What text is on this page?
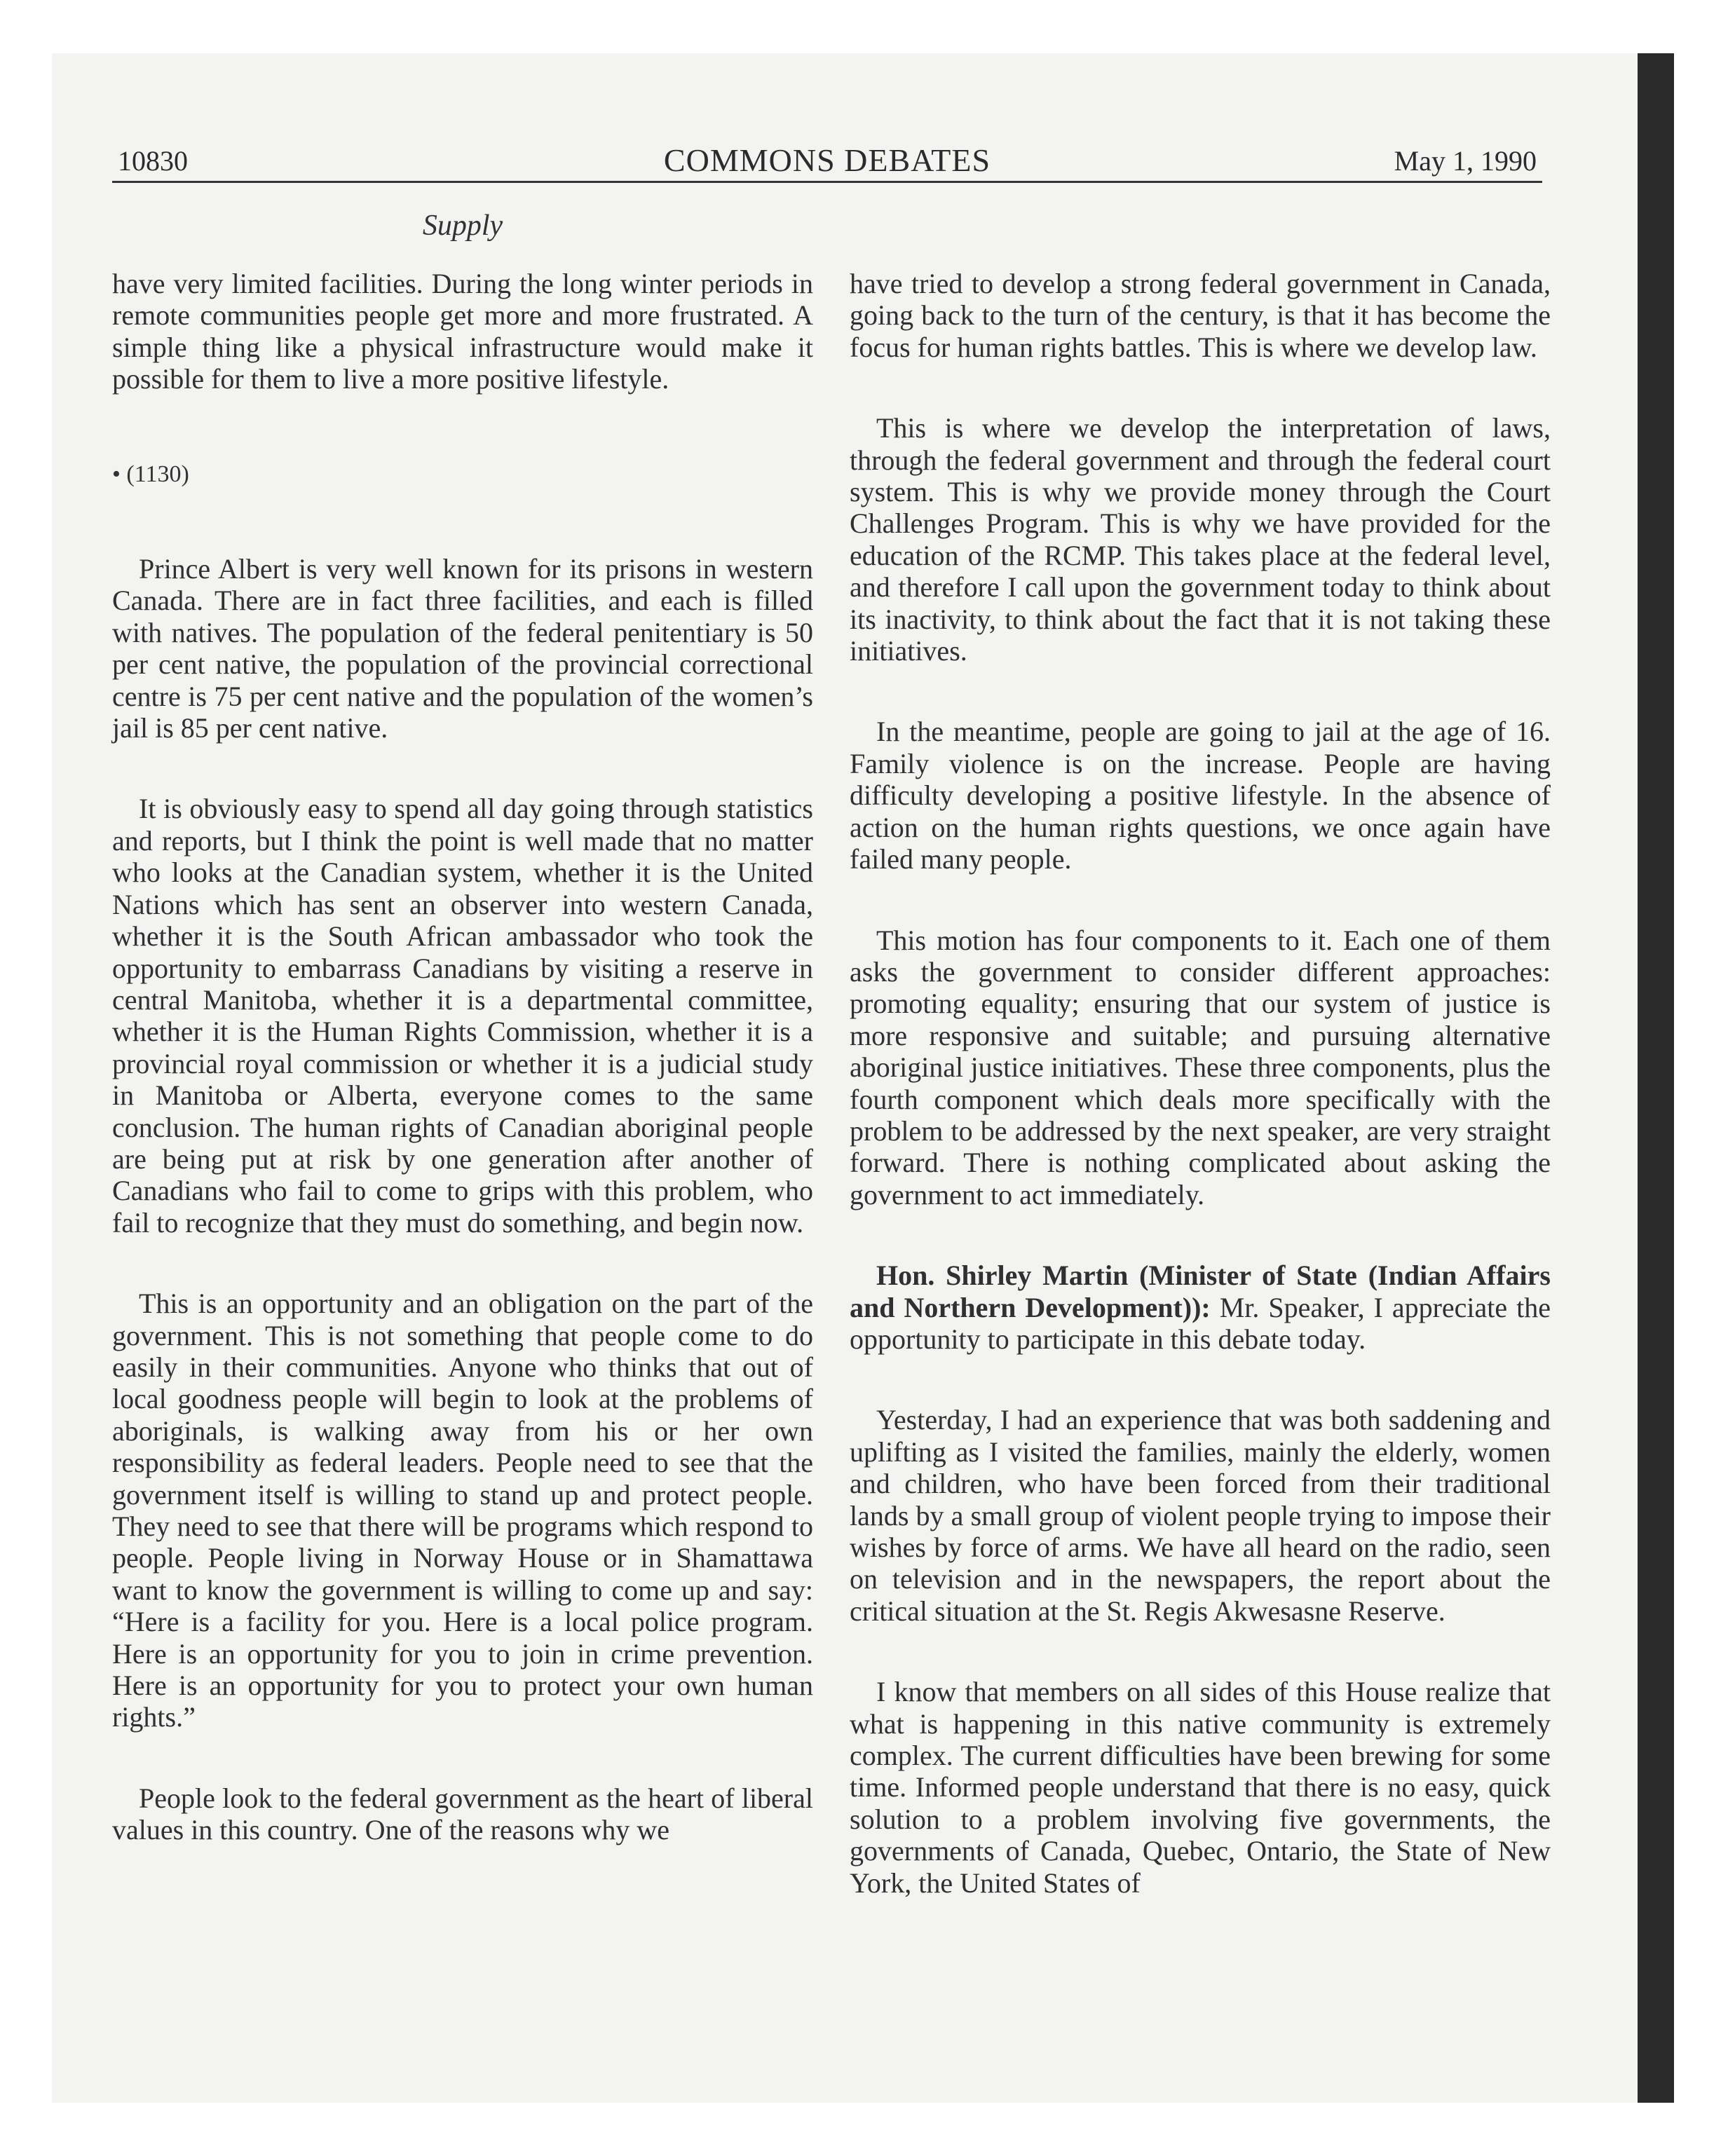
10830	COMMONS DEBATES	May 1, 1990
Supply

have very limited facilities. During the long winter periods in remote communities people get more and more frustrated. A simple thing like a physical infrastructure would make it possible for them to live a more positive lifestyle.

• (1130)

Prince Albert is very well known for its prisons in western Canada. There are in fact three facilities, and each is filled with natives. The population of the federal penitentiary is 50 per cent native, the population of the provincial correctional centre is 75 per cent native and the population of the women’s jail is 85 per cent native.

It is obviously easy to spend all day going through statistics and reports, but I think the point is well made that no matter who looks at the Canadian system, whether it is the United Nations which has sent an observer into western Canada, whether it is the South African ambassador who took the opportunity to embarrass Canadians by visiting a reserve in central Manitoba, whether it is a departmental committee, whether it is the Human Rights Commission, whether it is a provincial royal commission or whether it is a judicial study in Manitoba or Alberta, everyone comes to the same conclusion. The human rights of Canadian aboriginal people are being put at risk by one generation after another of Canadians who fail to come to grips with this problem, who fail to recognize that they must do something, and begin now.

This is an opportunity and an obligation on the part of the government. This is not something that people come to do easily in their communities. Anyone who thinks that out of local goodness people will begin to look at the problems of aboriginals, is walking away from his or her own responsibility as federal leaders. People need to see that the government itself is willing to stand up and protect people. They need to see that there will be programs which respond to people. People living in Norway House or in Shamattawa want to know the government is willing to come up and say: “Here is a facility for you. Here is a local police program. Here is an opportunity for you to join in crime prevention. Here is an opportunity for you to protect your own human rights.”

People look to the federal government as the heart of liberal values in this country. One of the reasons why we

have tried to develop a strong federal government in Canada, going back to the turn of the century, is that it has become the focus for human rights battles. This is where we develop law.

This is where we develop the interpretation of laws, through the federal government and through the federal court system. This is why we provide money through the Court Challenges Program. This is why we have provided for the education of the RCMP. This takes place at the federal level, and therefore I call upon the government today to think about its inactivity, to think about the fact that it is not taking these initiatives.

In the meantime, people are going to jail at the age of 16. Family violence is on the increase. People are having difficulty developing a positive lifestyle. In the absence of action on the human rights questions, we once again have failed many people.

This motion has four components to it. Each one of them asks the government to consider different approaches: promoting equality; ensuring that our system of justice is more responsive and suitable; and pursuing alternative aboriginal justice initiatives. These three components, plus the fourth component which deals more specifically with the problem to be addressed by the next speaker, are very straight forward. There is nothing complicated about asking the government to act immediately.

Hon. Shirley Martin (Minister of State (Indian Affairs and Northern Development)): Mr. Speaker, I appreciate the opportunity to participate in this debate today.

Yesterday, I had an experience that was both saddening and uplifting as I visited the families, mainly the elderly, women and children, who have been forced from their traditional lands by a small group of violent people trying to impose their wishes by force of arms. We have all heard on the radio, seen on television and in the newspapers, the report about the critical situation at the St. Regis Akwesasne Reserve.

I know that members on all sides of this House realize that what is happening in this native community is extremely complex. The current difficulties have been brewing for some time. Informed people understand that there is no easy, quick solution to a problem involving five governments, the governments of Canada, Quebec, Ontario, the State of New York, the United States of
